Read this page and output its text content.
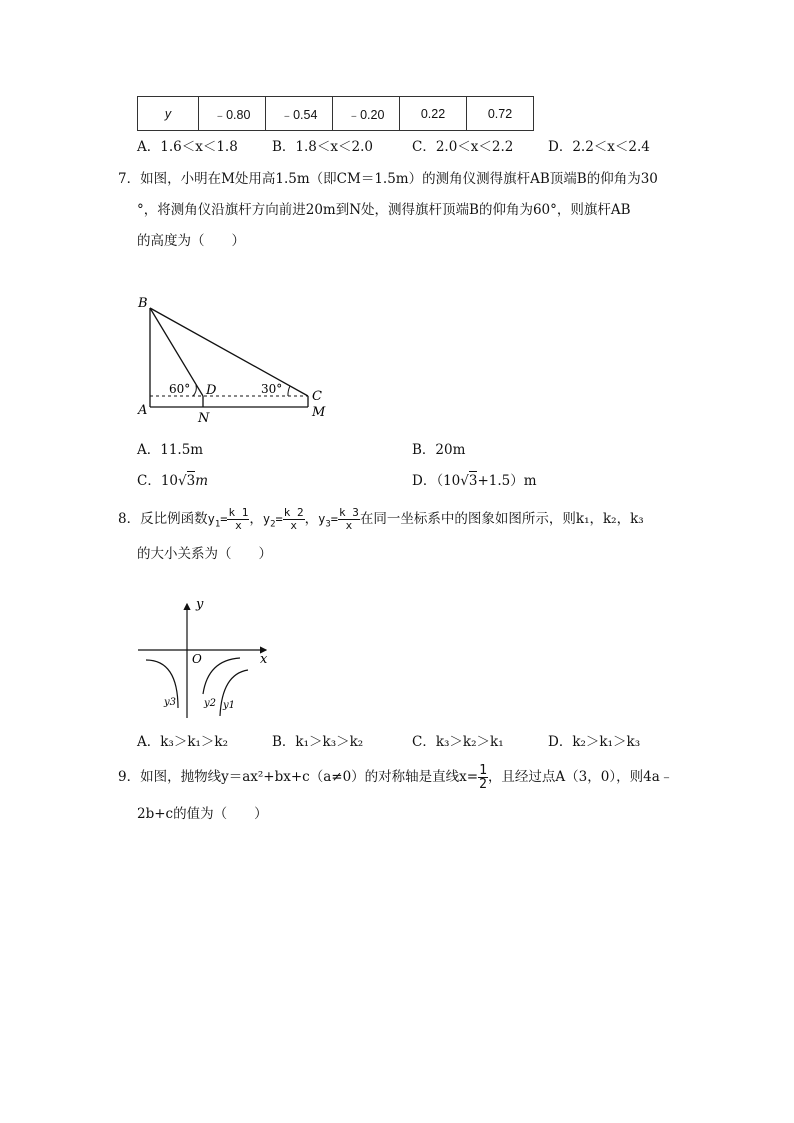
y	﹣0.80	﹣0.54	﹣0.20	0.22	0.72
A．1.6＜x＜1.8	B．1.8＜x＜2.0	C．2.0＜x＜2.2	D．2.2＜x＜2.4
7．如图，小明在M处用高1.5m（即CM＝1.5m）的测角仪测得旗杆AB顶端B的仰角为30
°，将测角仪沿旗杆方向前进20m到N处，测得旗杆顶端B的仰角为60°，则旗杆AB
的高度为（　　）
B
A
D
N
C
M
60°	30°
A．11.5m	B．20m
C．10√3m	D．（10√3+1.5）m
8．反比例函数$y_1= \frac{k 1}{x}$ ，$y_2= \frac{k 2}{x}$ ，$y_3= \frac{k 3}{x}$ 在同一坐标系中的图象如图所示，则k₁，k₂，k₃
的大小关系为（　　）
y
x
O
y3	y2 y1
A．k₃＞k₁＞k₂	B．k₁＞k₃＞k₂	C．k₃＞k₂＞k₁	D．k₂＞k₁＞k₃
9．如图，抛物线y＝ax²+bx+c（a≠0）的对称轴是直线$x= \frac{1}{2}$ ，且经过点A（3，0），则4a﹣
2b+c的值为（　　）
